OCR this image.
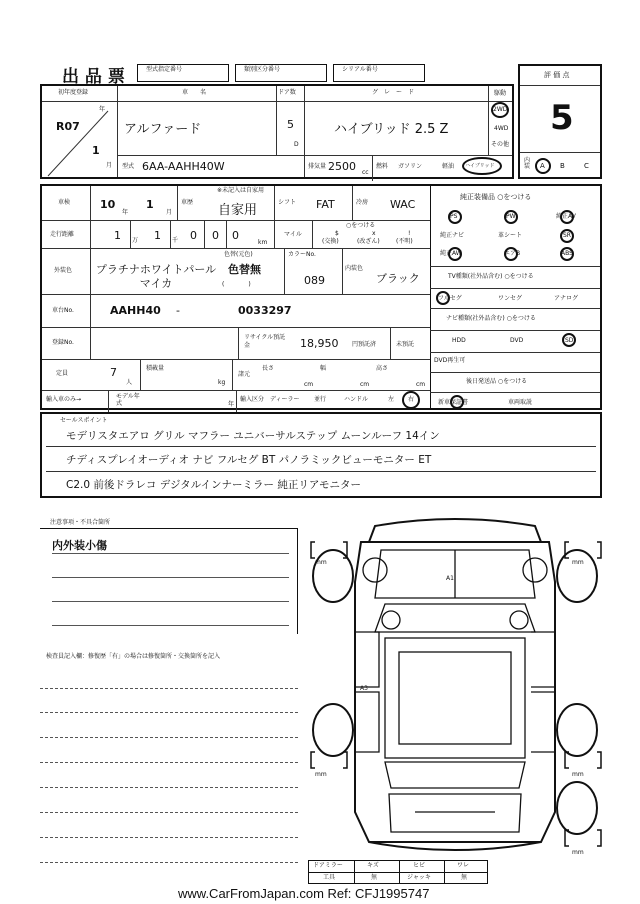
出 品 票	型式指定番号	類別区分番号	シリアル番号
評 価 点
5
内装 A B	C
初年度登録
年
R07
1
月
車　　名
アルファード
ドア数
5
D
グ　レ　ー　ド
ハイブリッド 2.5 Z
駆動
2WD
4WD
その他
型式 6AA-AAHH40W	排気量 2500 cc
燃料 ガソリン	軽油 ハイブリッド
車検	10
年
1
月
車歴
※未記入は自家用
自家用
シフト FAT	冷房 WAC
走行距離	1 万 1 千 0 0 0
km
マイル
○をつける
$
(交換)
x
(改ざん)
!
(不明)
外装色	プラチナホワイトパールマイカ
色替(元色)
色替無
(　　　　)
カラーNo.
089
内装色
ブラック
車台No.	AAHH40 -	0033297
登録No.
リサイクル預託金	18,950 円預託済	未預託
定員	7
人
積載量
kg
諸元
長さ
cm
幅
cm
高さ
cm
輸入車のみ→	モデル年式	年
輸入区分 ディーラー 並行	ハンドル	左 右
純正装備品 ○をつける
PS	PW	純正AV
純正ナビ	革シート	SR
純正AW	エアB	ABS
TV種類(社外品含む) ○をつける
フルセグ	ワンセグ	アナログ
ナビ種類(社外品含む) ○をつける
HDD	DVD	SD
DVD再生可
後日発送品 ○をつける
新車保証書	車両取説
セールスポイント
モデリスタエアロ グリル マフラー ユニバーサルステップ ムーンルーフ 14イン
チディスプレイオーディオ ナビ フルセグ BT パノラミックビューモニター ET
C2.0 前後ドラレコ デジタルインナーミラー 純正リアモニター
注意事項・不具合箇所
内外装小傷
検査員記入欄：修復歴「有」の場合は修復箇所・交換箇所を記入
A1
A3
mm	mm
mm	mm
mm
ドアミラー	キズ	ヒビ	ワレ
工具	無	ジャッキ	無
www.CarFromJapan.com Ref: CFJ1995747
